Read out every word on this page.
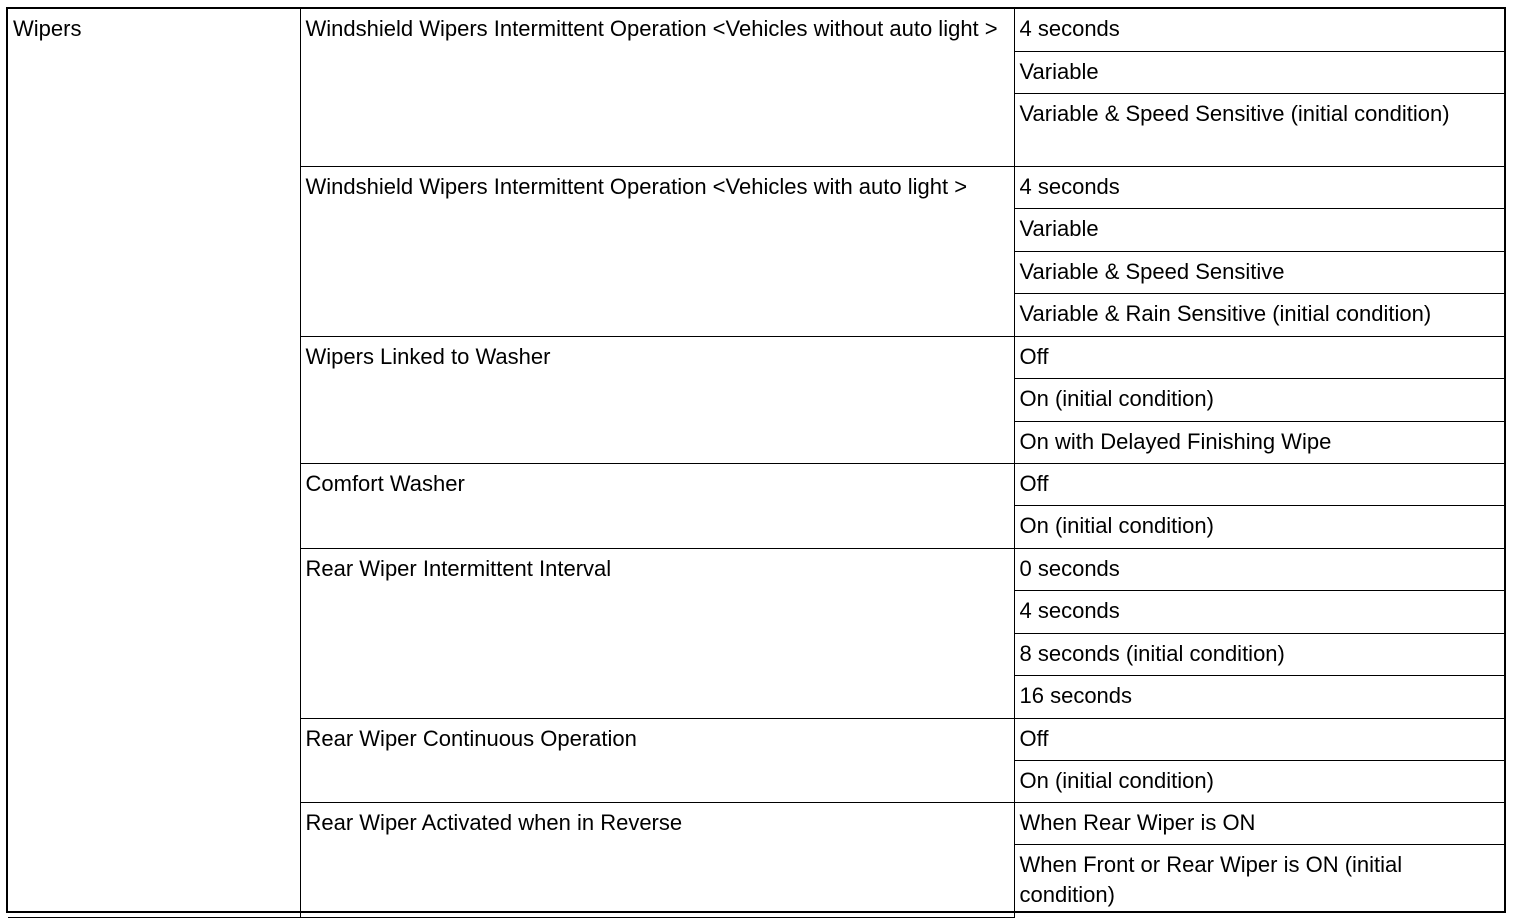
Wipers	Windshield Wipers Intermittent Operation <Vehicles without auto light >	4 seconds
		Variable
		Variable & Speed Sensitive (initial condition)
	Windshield Wipers Intermittent Operation <Vehicles with auto light >	4 seconds
		Variable
		Variable & Speed Sensitive
		Variable & Rain Sensitive (initial condition)
	Wipers Linked to Washer	Off
		On (initial condition)
		On with Delayed Finishing Wipe
	Comfort Washer	Off
		On (initial condition)
	Rear Wiper Intermittent Interval	0 seconds
		4 seconds
		8 seconds (initial condition)
		16 seconds
	Rear Wiper Continuous Operation	Off
		On (initial condition)
	Rear Wiper Activated when in Reverse	When Rear Wiper is ON
		When Front or Rear Wiper is ON (initial condition)
